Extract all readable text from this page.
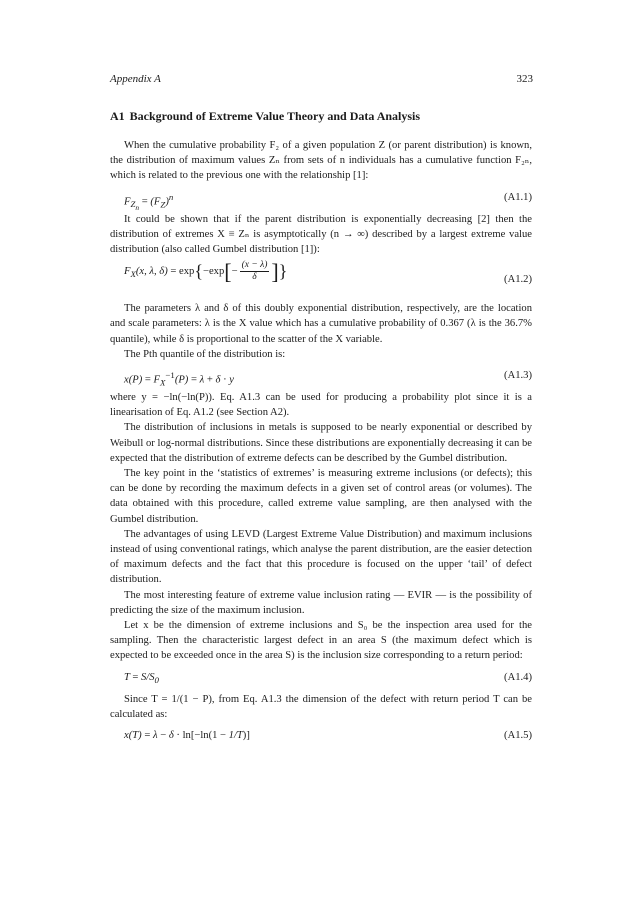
Appendix A	323
A1 Background of Extreme Value Theory and Data Analysis

When the cumulative probability F₂ of a given population Z (or parent distribution) is known, the distribution of maximum values Zₙ from sets of n individuals has a cumulative function F₂ₙ, which is related to the previous one with the relationship [1]:

$F_{Z_n} = (F_Z)^n$	(A1.1)

It could be shown that if the parent distribution is exponentially decreasing [2] then the distribution of extremes X ≡ Zₙ is asymptotically (n → ∞) described by a largest extreme value distribution (also called Gumbel distribution [1]):

$F_X(x$, λ, $\delta) = \exp\{-\exp[- \frac{(x - \lambda)}{\delta}$ ]}	(A1.2)

The parameters λ and δ of this doubly exponential distribution, respectively, are the location and scale parameters: λ is the X value which has a cumulative probability of 0.367 (λ is the 36.7% quantile), while δ is proportional to the scatter of the X variable.

The Pth quantile of the distribution is:

$x(P) = F_X^{-1}(P) = \lambda + \delta \cdot y$	(A1.3)

where y = −ln(−ln(P)). Eq. A1.3 can be used for producing a probability plot since it is a linearisation of Eq. A1.2 (see Section A2).

The distribution of inclusions in metals is supposed to be nearly exponential or described by Weibull or log-normal distributions. Since these distributions are exponentially decreasing it can be expected that the distribution of extreme defects can be described by the Gumbel distribution.

The key point in the ‘statistics of extremes’ is measuring extreme inclusions (or defects); this can be done by recording the maximum defects in a given set of control areas (or volumes). The data obtained with this procedure, called extreme value sampling, are then analysed with the Gumbel distribution.

The advantages of using LEVD (Largest Extreme Value Distribution) and maximum inclusions instead of using conventional ratings, which analyse the parent distribution, are the easier detection of maximum defects and the fact that this procedure is focused on the upper ‘tail’ of defect distribution.

The most interesting feature of extreme value inclusion rating — EVIR — is the possibility of predicting the size of the maximum inclusion.

Let x be the dimension of extreme inclusions and S₀ be the inspection area used for the sampling. Then the characteristic largest defect in an area S (the maximum defect which is expected to be exceeded once in the area S) is the inclusion size corresponding to a return period:

$T = S/S_0$	(A1.4)

Since T = 1/(1 − P), from Eq. A1.3 the dimension of the defect with return period T can be calculated as:

x(T) = λ − δ · ln[−ln(1 − 1/T)]	(A1.5)
